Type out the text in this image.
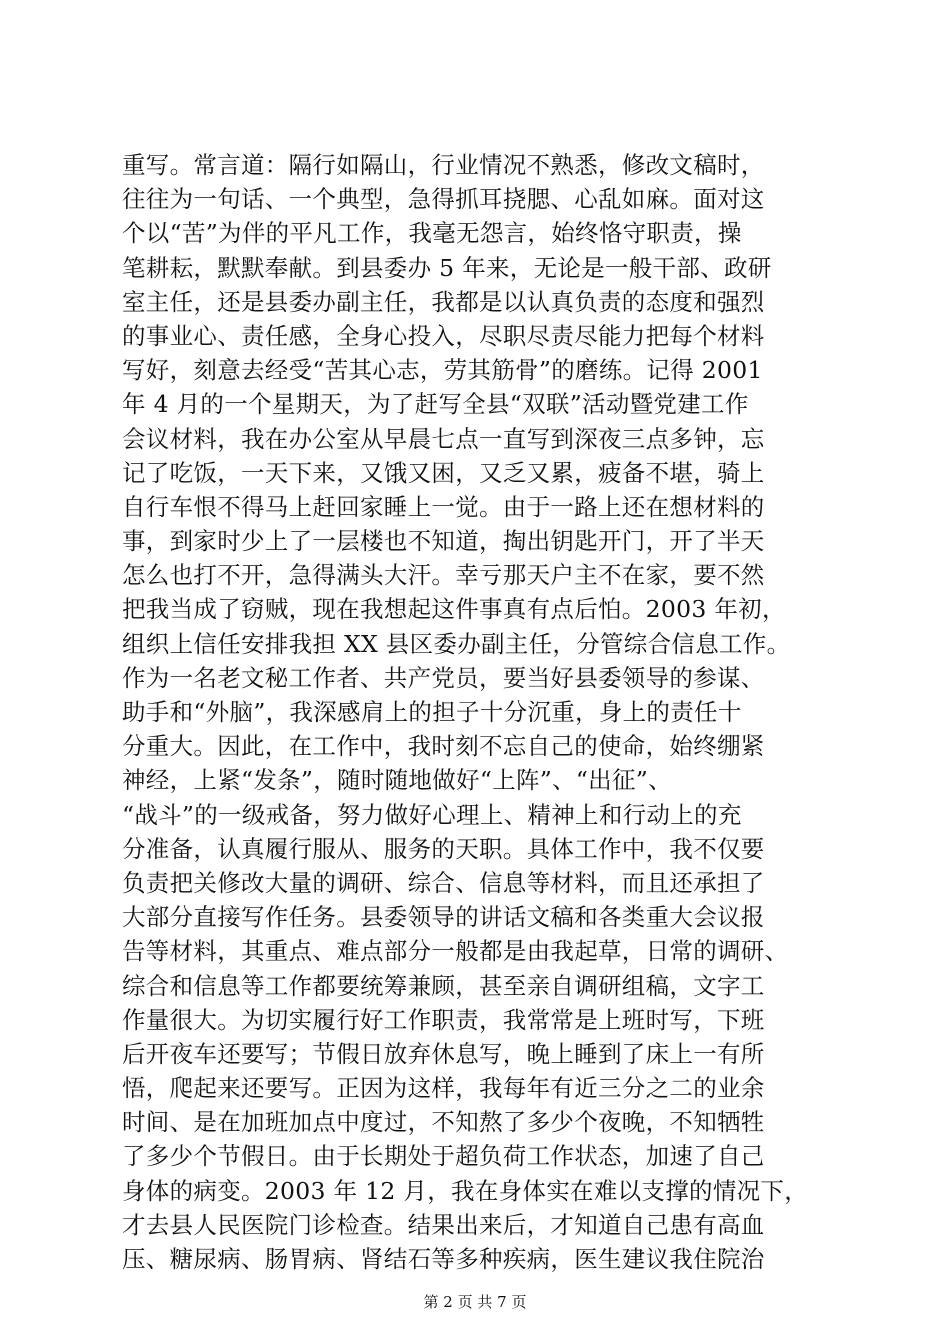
重写。常言道：隔行如隔山，行业情况不熟悉，修改文稿时，
往往为一句话、一个典型，急得抓耳挠腮、心乱如麻。面对这
个以“苦”为伴的平凡工作，我毫无怨言，始终恪守职责，操
笔耕耘，默默奉献。到县委办 5 年来，无论是一般干部、政研
室主任，还是县委办副主任，我都是以认真负责的态度和强烈
的事业心、责任感，全身心投入，尽职尽责尽能力把每个材料
写好，刻意去经受“苦其心志，劳其筋骨”的磨练。记得 2001
年 4 月的一个星期天，为了赶写全县“双联”活动暨党建工作
会议材料，我在办公室从早晨七点一直写到深夜三点多钟，忘
记了吃饭，一天下来，又饿又困，又乏又累，疲备不堪，骑上
自行车恨不得马上赶回家睡上一觉。由于一路上还在想材料的
事，到家时少上了一层楼也不知道，掏出钥匙开门，开了半天
怎么也打不开，急得满头大汗。幸亏那天户主不在家，要不然
把我当成了窃贼，现在我想起这件事真有点后怕。2003 年初，
组织上信任安排我担 XX 县区委办副主任，分管综合信息工作。
作为一名老文秘工作者、共产党员，要当好县委领导的参谋、
助手和“外脑”，我深感肩上的担子十分沉重，身上的责任十
分重大。因此，在工作中，我时刻不忘自己的使命，始终绷紧
神经，上紧“发条”，随时随地做好“上阵”、“出征”、
“战斗”的一级戒备，努力做好心理上、精神上和行动上的充
分准备，认真履行服从、服务的天职。具体工作中，我不仅要
负责把关修改大量的调研、综合、信息等材料，而且还承担了
大部分直接写作任务。县委领导的讲话文稿和各类重大会议报
告等材料，其重点、难点部分一般都是由我起草，日常的调研、
综合和信息等工作都要统筹兼顾，甚至亲自调研组稿，文字工
作量很大。为切实履行好工作职责，我常常是上班时写，下班
后开夜车还要写；节假日放弃休息写，晚上睡到了床上一有所
悟，爬起来还要写。正因为这样，我每年有近三分之二的业余
时间、是在加班加点中度过，不知熬了多少个夜晚，不知牺牲
了多少个节假日。由于长期处于超负荷工作状态，加速了自己
身体的病变。2003 年 12 月，我在身体实在难以支撑的情况下，
才去县人民医院门诊检查。结果出来后，才知道自己患有高血
压、糖尿病、肠胃病、肾结石等多种疾病，医生建议我住院治
第 2 页 共 7 页
